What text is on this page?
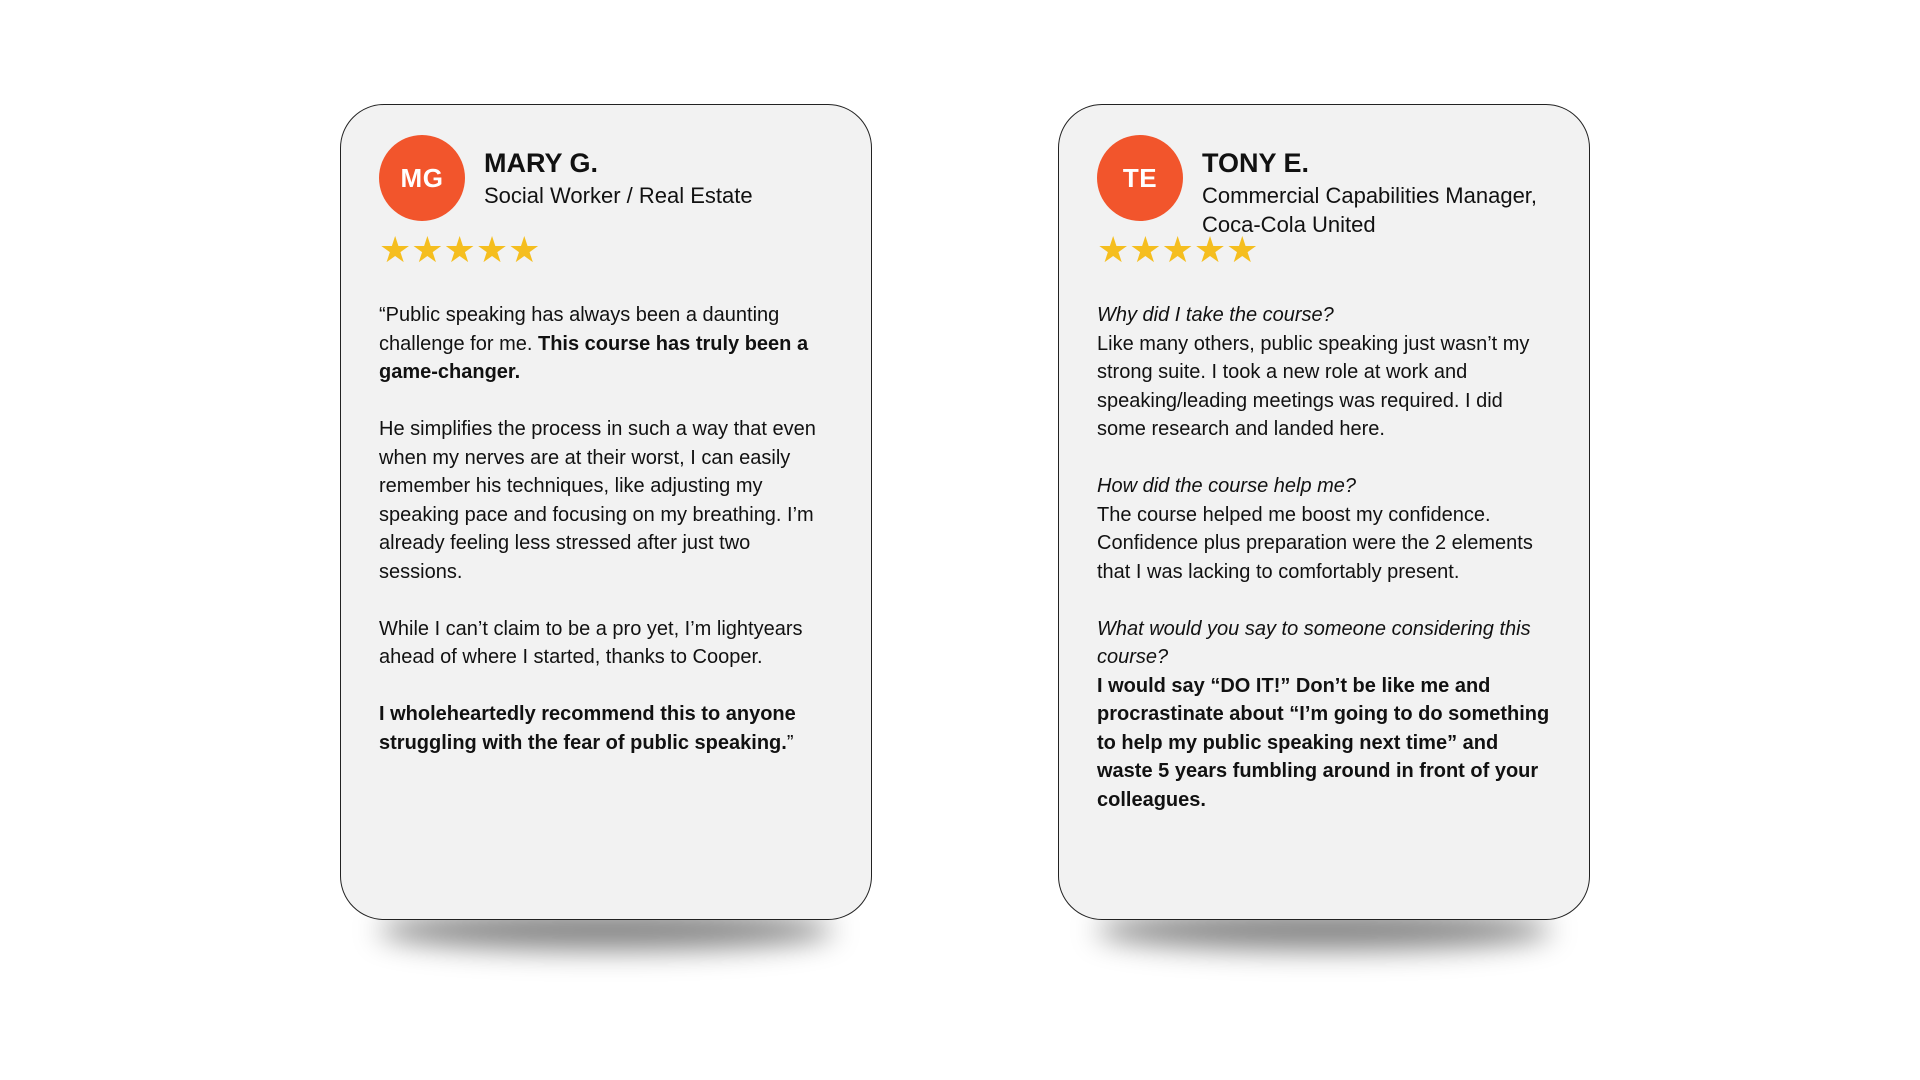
MG MARY G.
Social Worker / Real Estate
★★★★★

“Public speaking has always been a daunting challenge for me. This course has truly been a game-changer.

He simplifies the process in such a way that even when my nerves are at their worst, I can easily remember his techniques, like adjusting my speaking pace and focusing on my breathing. I’m already feeling less stressed after just two sessions.

While I can’t claim to be a pro yet, I’m lightyears ahead of where I started, thanks to Cooper.

I wholeheartedly recommend this to anyone struggling with the fear of public speaking.”

TE TONY E.
Commercial Capabilities Manager, Coca-Cola United
★★★★★

Why did I take the course?

Like many others, public speaking just wasn’t my strong suite. I took a new role at work and speaking/leading meetings was required. I did some research and landed here.

How did the course help me?

The course helped me boost my confidence. Confidence plus preparation were the 2 elements that I was lacking to comfortably present.

What would you say to someone considering this course?

I would say “DO IT!” Don’t be like me and procrastinate about “I’m going to do something to help my public speaking next time” and waste 5 years fumbling around in front of your colleagues.
